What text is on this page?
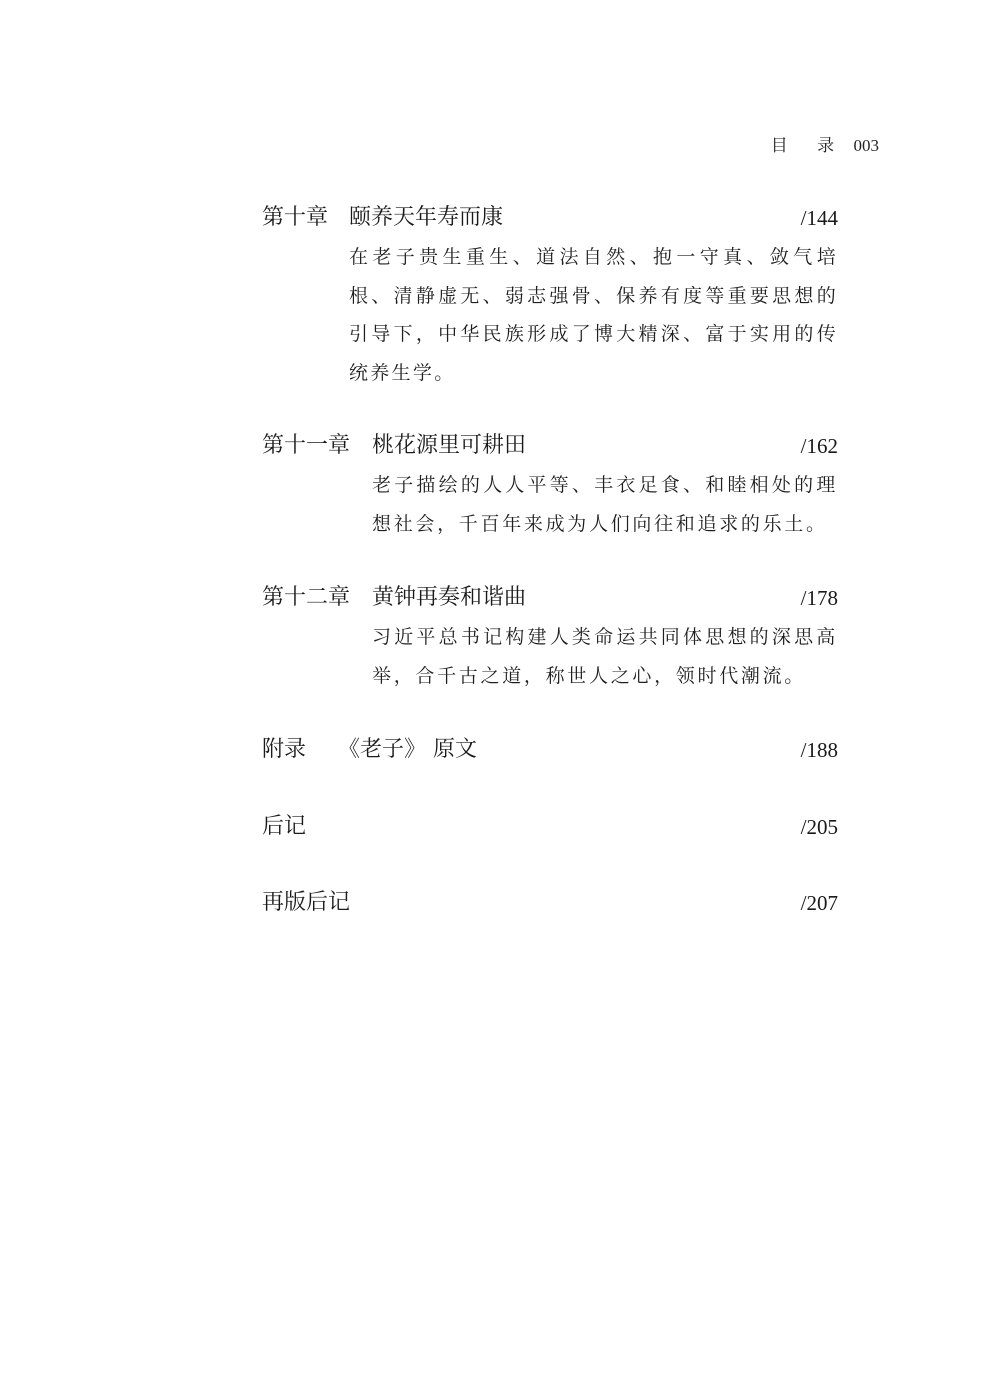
目 录 003
第十章 颐养天年寿而康	/144
在老子贵生重生、道法自然、抱一守真、敛气培根、清静虚无、弱志强骨、保养有度等重要思想的引导下，中华民族形成了博大精深、富于实用的传统养生学。
第十一章 桃花源里可耕田	/162
老子描绘的人人平等、丰衣足食、和睦相处的理想社会，千百年来成为人们向往和追求的乐土。
第十二章 黄钟再奏和谐曲	/178
习近平总书记构建人类命运共同体思想的深思高举，合千古之道，称世人之心，领时代潮流。
附录 《老子》 原文	/188
后记	/205
再版后记	/207
